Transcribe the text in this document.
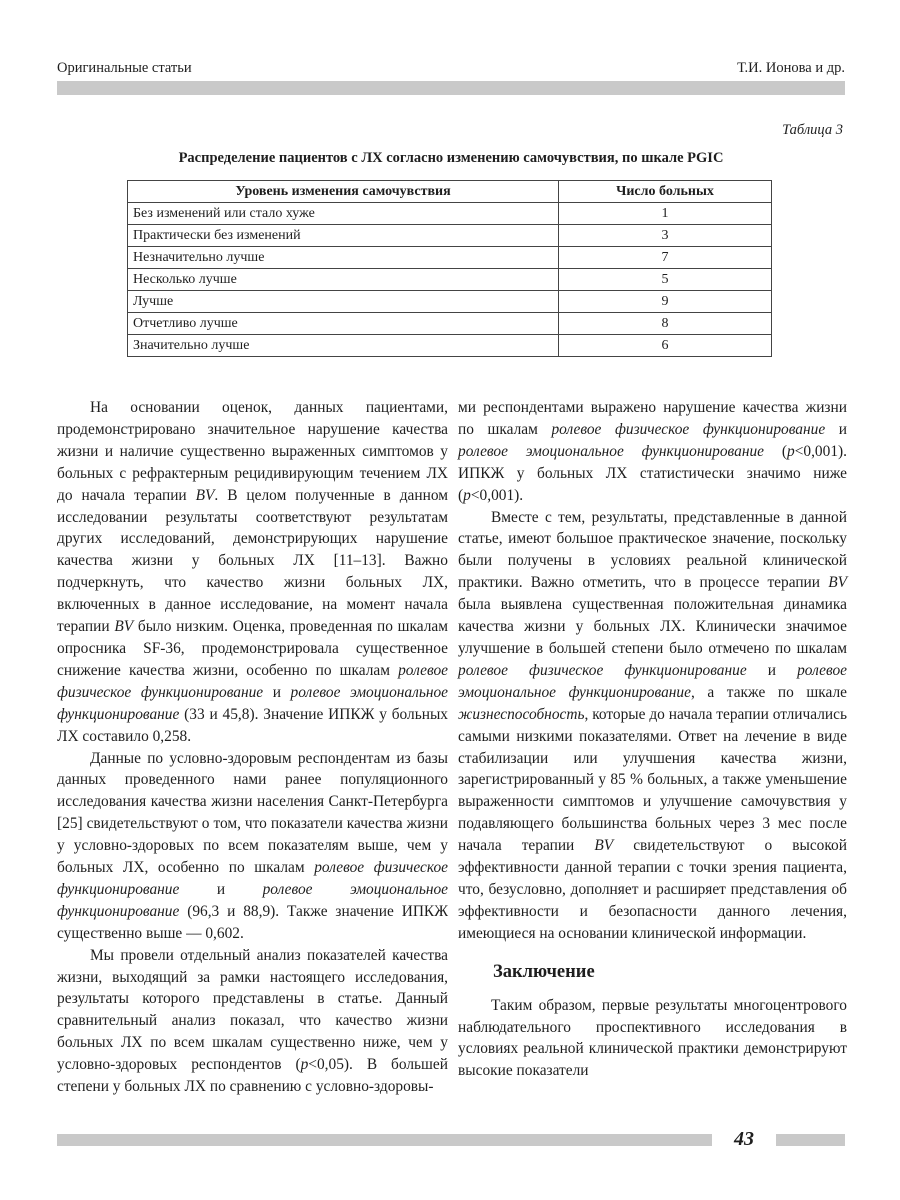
Оригинальные статьи	Т.И. Ионова и др.
Таблица 3
Распределение пациентов с ЛХ согласно изменению самочувствия, по шкале PGIC
Уровень изменения самочувствия	Число больных
Без изменений или стало хуже	1
Практически без изменений	3
Незначительно лучше	7
Несколько лучше	5
Лучше	9
Отчетливо лучше	8
Значительно лучше	6

На основании оценок, данных пациентами, продемонстрировано значительное нарушение качества жизни и наличие существенно выраженных симптомов у больных с рефрактерным рецидивирующим течением ЛХ до начала терапии BV. В целом полученные в данном исследовании результаты соответствуют результатам других исследований, демонстрирующих нарушение качества жизни у больных ЛХ [11–13]. Важно подчеркнуть, что качество жизни больных ЛХ, включенных в данное исследование, на момент начала терапии BV было низким. Оценка, проведенная по шкалам опросника SF-36, продемонстрировала существенное снижение качества жизни, особенно по шкалам ролевое физическое функционирование и ролевое эмоциональное функционирование (33 и 45,8). Значение ИПКЖ у больных ЛХ составило 0,258.

Данные по условно-здоровым респондентам из базы данных проведенного нами ранее популяционного исследования качества жизни населения Санкт-Петербурга [25] свидетельствуют о том, что показатели качества жизни у условно-здоровых по всем показателям выше, чем у больных ЛХ, особенно по шкалам ролевое физическое функционирование и ролевое эмоциональное функционирование (96,3 и 88,9). Также значение ИПКЖ существенно выше — 0,602.

Мы провели отдельный анализ показателей качества жизни, выходящий за рамки настоящего исследования, результаты которого представлены в статье. Данный сравнительный анализ показал, что качество жизни больных ЛХ по всем шкалам существенно ниже, чем у условно-здоровых респондентов (p<0,05). В большей степени у больных ЛХ по сравнению с условно-здоровы-

ми респондентами выражено нарушение качества жизни по шкалам ролевое физическое функционирование и ролевое эмоциональное функционирование (p<0,001). ИПКЖ у больных ЛХ статистически значимо ниже (p<0,001).

Вместе с тем, результаты, представленные в данной статье, имеют большое практическое значение, поскольку были получены в условиях реальной клинической практики. Важно отметить, что в процессе терапии BV была выявлена существенная положительная динамика качества жизни у больных ЛХ. Клинически значимое улучшение в большей степени было отмечено по шкалам ролевое физическое функционирование и ролевое эмоциональное функционирование, а также по шкале жизнеспособность, которые до начала терапии отличались самыми низкими показателями. Ответ на лечение в виде стабилизации или улучшения качества жизни, зарегистрированный у 85 % больных, а также уменьшение выраженности симптомов и улучшение самочувствия у подавляющего большинства больных через 3 мес после начала терапии BV свидетельствуют о высокой эффективности данной терапии с точки зрения пациента, что, безусловно, дополняет и расширяет представления об эффективности и безопасности данного лечения, имеющиеся на основании клинической информации.

Заключение

Таким образом, первые результаты многоцентрового наблюдательного проспективного исследования в условиях реальной клинической практики демонстрируют высокие показатели

43
